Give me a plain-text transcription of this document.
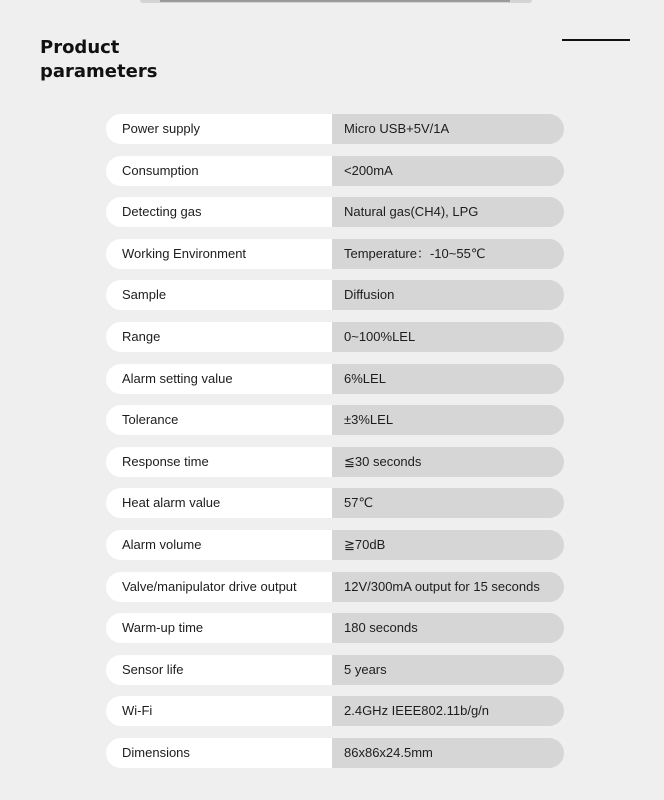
Product
parameters
Power supply	Micro USB+5V/1A
Consumption	<200mA
Detecting gas	Natural gas(CH4), LPG
Working Environment	Temperature：-10~55℃
Sample	Diffusion
Range	0~100%LEL
Alarm setting value	6%LEL
Tolerance	±3%LEL
Response time	≦30 seconds
Heat alarm value	57℃
Alarm volume	≧70dB
Valve/manipulator drive output	12V/300mA output for 15 seconds
Warm-up time	180 seconds
Sensor life	5 years
Wi-Fi	2.4GHz IEEE802.11b/g/n
Dimensions	86x86x24.5mm
